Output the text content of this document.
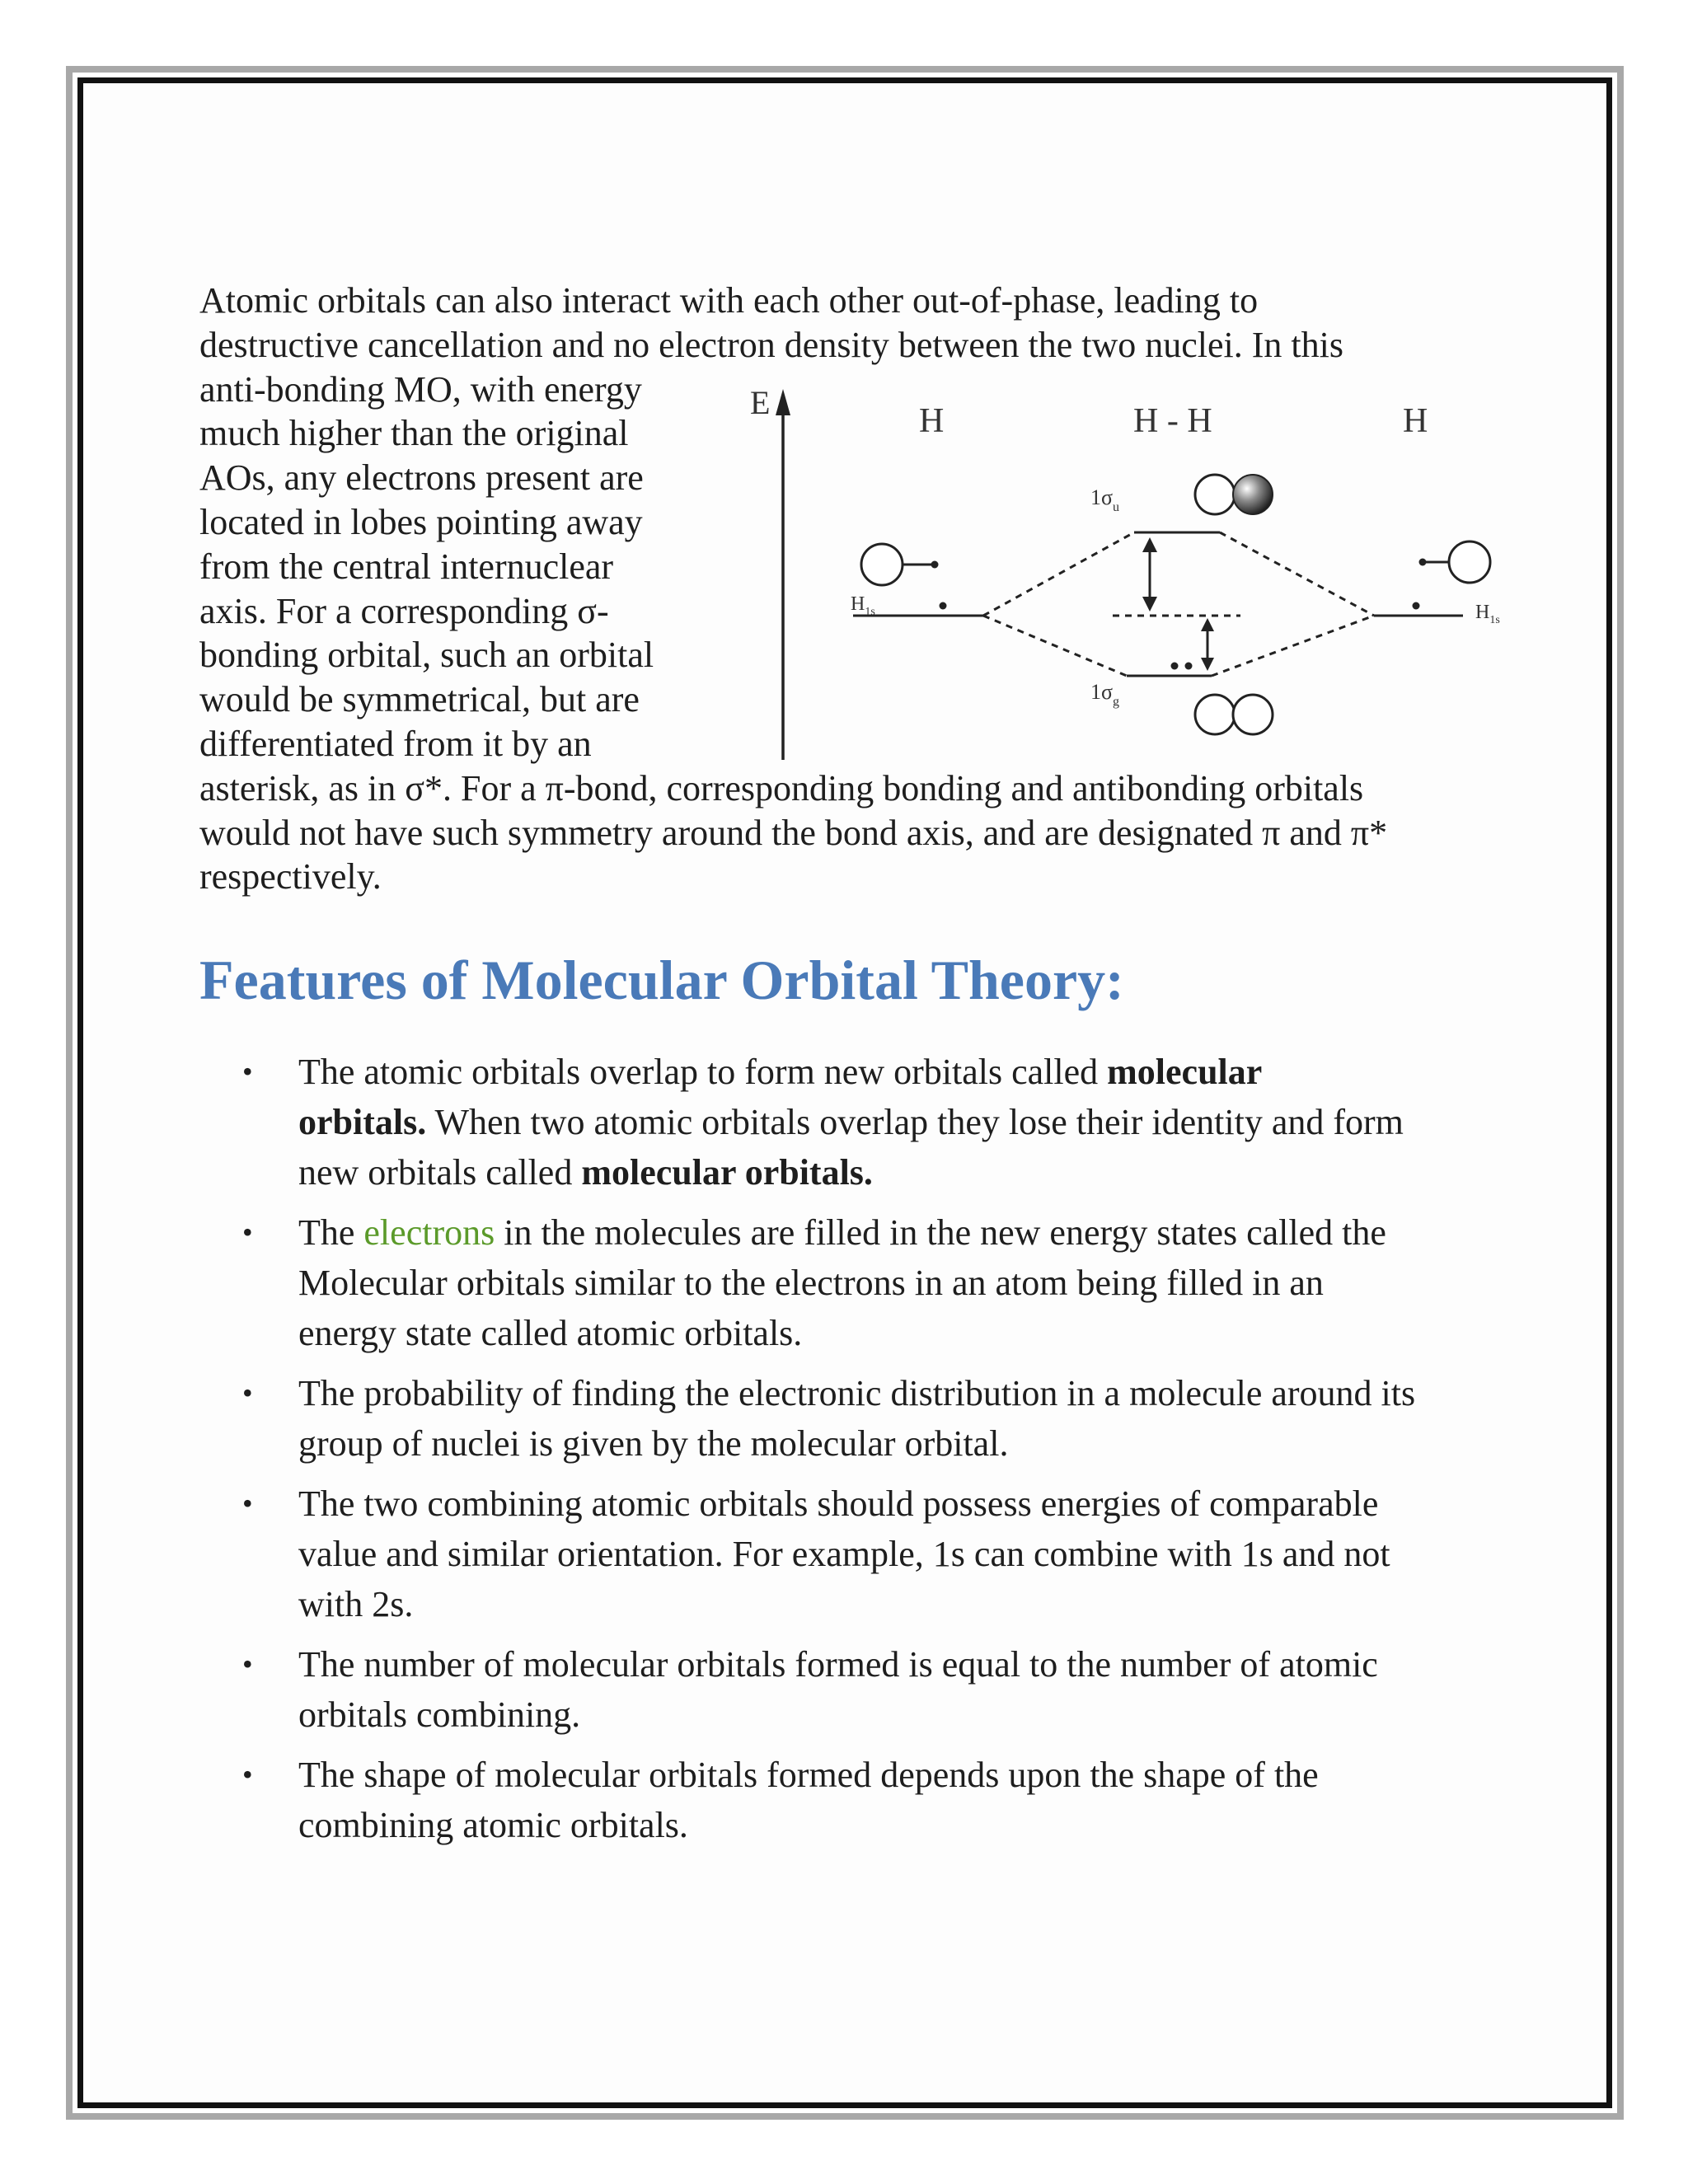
Atomic orbitals can also interact with each other out-of-phase, leading to
destructive cancellation and no electron density between the two nuclei. In this
anti-bonding MO, with energy
much higher than the original
AOs, any electrons present are
located in lobes pointing away
from the central internuclear
axis. For a corresponding σ-
bonding orbital, such an orbital
would be symmetrical, but are
differentiated from it by an
asterisk, as in σ*. For a π-bond, corresponding bonding and antibonding orbitals
would not have such symmetry around the bond axis, and are designated π and π*
respectively.

E	H	H - H	H
$H_{1s}$	$H_{1s}$
$1\sigma_u$
$1\sigma_g$
Features of Molecular Orbital Theory:
• The atomic orbitals overlap to form new orbitals called molecular
orbitals. When two atomic orbitals overlap they lose their identity and form
new orbitals called molecular orbitals.
• The electrons in the molecules are filled in the new energy states called the
Molecular orbitals similar to the electrons in an atom being filled in an
energy state called atomic orbitals.
• The probability of finding the electronic distribution in a molecule around its
group of nuclei is given by the molecular orbital.
• The two combining atomic orbitals should possess energies of comparable
value and similar orientation. For example, 1s can combine with 1s and not
with 2s.
• The number of molecular orbitals formed is equal to the number of atomic
orbitals combining.
• The shape of molecular orbitals formed depends upon the shape of the
combining atomic orbitals.
